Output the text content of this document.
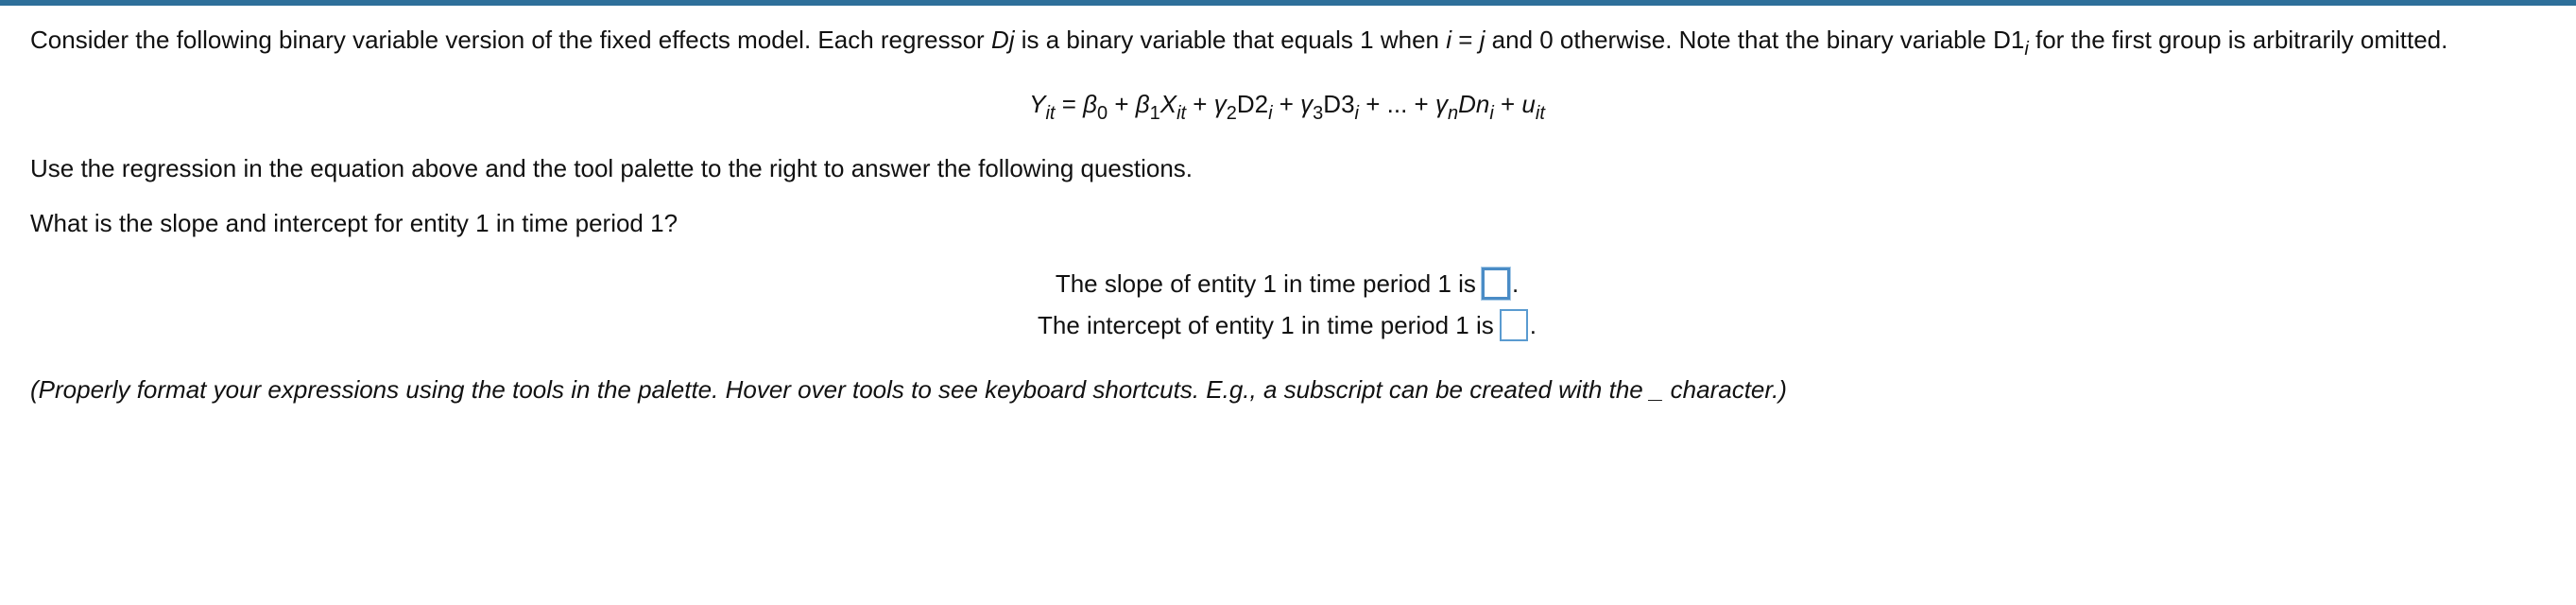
Consider the following binary variable version of the fixed effects model. Each regressor Dj is a binary variable that equals 1 when i = j and 0 otherwise. Note that the binary variable $D1_i$ for the first group is arbitrarily omitted.

$Y_{it} = \beta_0 + \beta_1X_{it} + \gamma_2D2_i + \gamma_3D3_i$ + ... + $\gamma_nDn_i + u_{it}$

Use the regression in the equation above and the tool palette to the right to answer the following questions.

What is the slope and intercept for entity 1 in time period 1?

The slope of entity 1 in time period 1 is .
The intercept of entity 1 in time period 1 is .

(Properly format your expressions using the tools in the palette. Hover over tools to see keyboard shortcuts. E.g., a subscript can be created with the _ character.)
